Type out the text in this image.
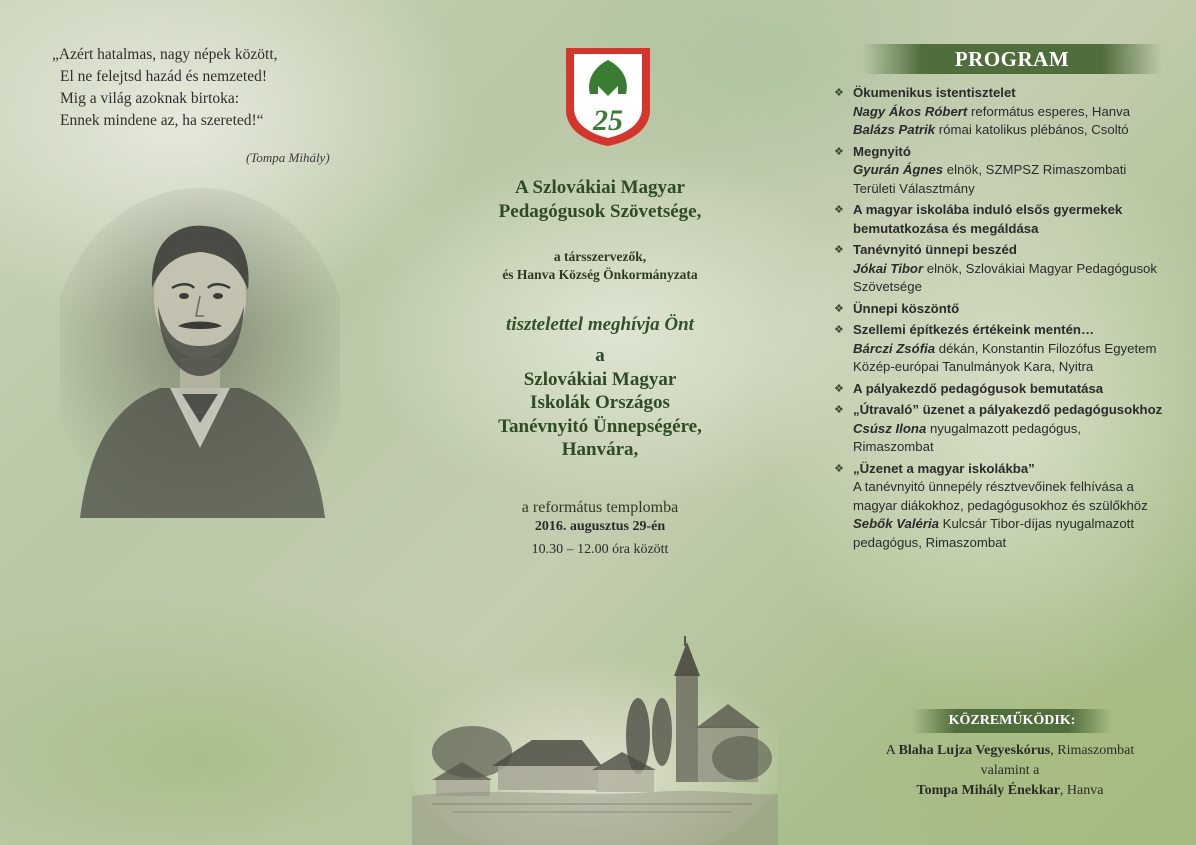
„Azért hatalmas, nagy népek között,
El ne felejtsd hazád és nemzeted!
Mig a világ azoknak birtoka:
Ennek mindene az, ha szereted!“
(Tompa Mihály)
25
A Szlovákiai Magyar
Pedagógusok Szövetsége,
a társszervezők,
és Hanva Község Önkormányzata
tisztelettel meghívja Önt
a
Szlovákiai Magyar
Iskolák Országos
Tanévnyitó Ünnepségére,
Hanvára,
a református templomba
2016. augusztus 29-én
10.30 – 12.00 óra között
PROGRAM
❖ Ökumenikus istentisztelet
Nagy Ákos Róbert református esperes, Hanva
Balázs Patrik római katolikus plébános, Csoltó
❖ Megnyitó
Gyurán Ágnes elnök, SZMPSZ Rimaszombati Területi Választmány
❖ A magyar iskolába induló elsős gyermekek bemutatkozása és megáldása
❖ Tanévnyitó ünnepi beszéd
Jókai Tibor elnök, Szlovákiai Magyar Pedagógusok Szövetsége
❖ Ünnepi köszöntő
❖ Szellemi építkezés értékeink mentén…
Bárczi Zsófia dékán, Konstantin Filozófus Egyetem Közép-európai Tanulmányok Kara, Nyitra
❖ A pályakezdő pedagógusok bemutatása
❖ „Útravaló” üzenet a pályakezdő pedagógusokhoz
Csúsz Ilona nyugalmazott pedagógus, Rimaszombat
❖ „Üzenet a magyar iskolákba”
A tanévnyitó ünnepély résztvevőinek felhívása a magyar diákokhoz, pedagógusokhoz és szülőkhöz
Sebők Valéria Kulcsár Tibor-díjas nyugalmazott pedagógus, Rimaszombat
KÖZREMŰKÖDIK:
A Blaha Lujza Vegyeskórus, Rimaszombat
valamint a
Tompa Mihály Énekkar, Hanva
